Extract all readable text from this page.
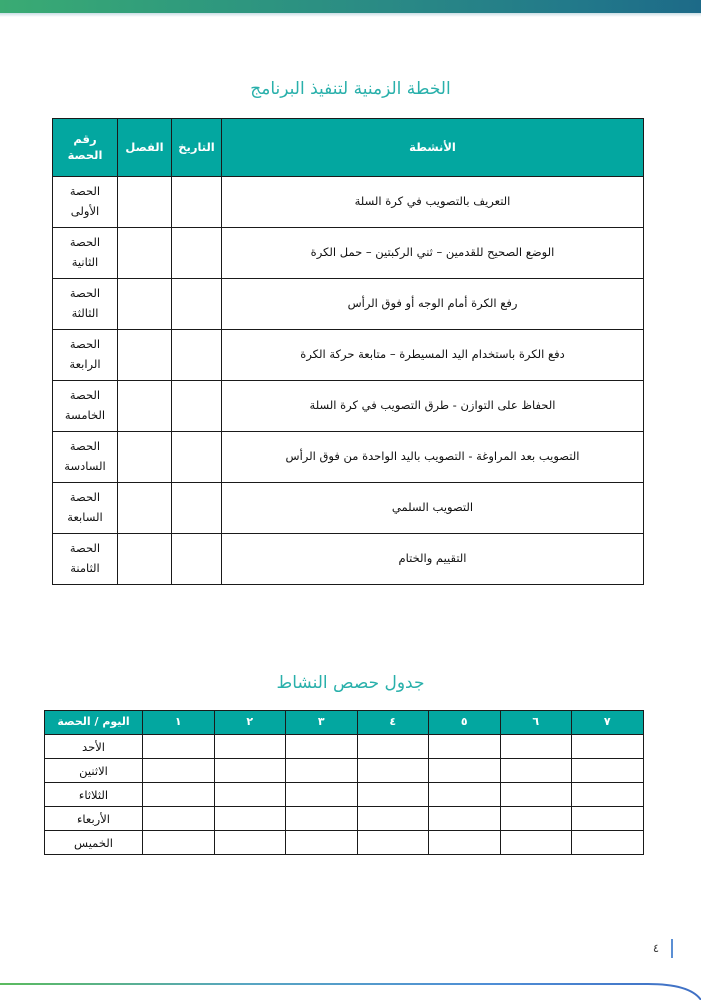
الخطة الزمنية لتنفيذ البرنامج
الأنشطة	التاريخ	الفصل	رقم
الحصة

التعريف بالتصويب في كرة السلة			الحصة
الأولى

الوضع الصحيح للقدمين – ثني الركبتين – حمل الكرة			الحصة
الثانية

رفع الكرة أمام الوجه أو فوق الرأس			الحصة
الثالثة

دفع الكرة باستخدام اليد المسيطرة – متابعة حركة الكرة			الحصة
الرابعة

الحفاظ على التوازن - طرق التصويب في كرة السلة			الحصة
الخامسة

التصويب بعد المراوغة - التصويب باليد الواحدة من فوق الرأس			الحصة
السادسة

التصويب السلمي			الحصة
السابعة

التقييم والختام			الحصة
الثامنة
جدول حصص النشاط
٧	٦	٥	٤	٣	٢	١	اليوم / الحصة
							الأحد
							الاثنين
							الثلاثاء
							الأربعاء
							الخميس
٤
